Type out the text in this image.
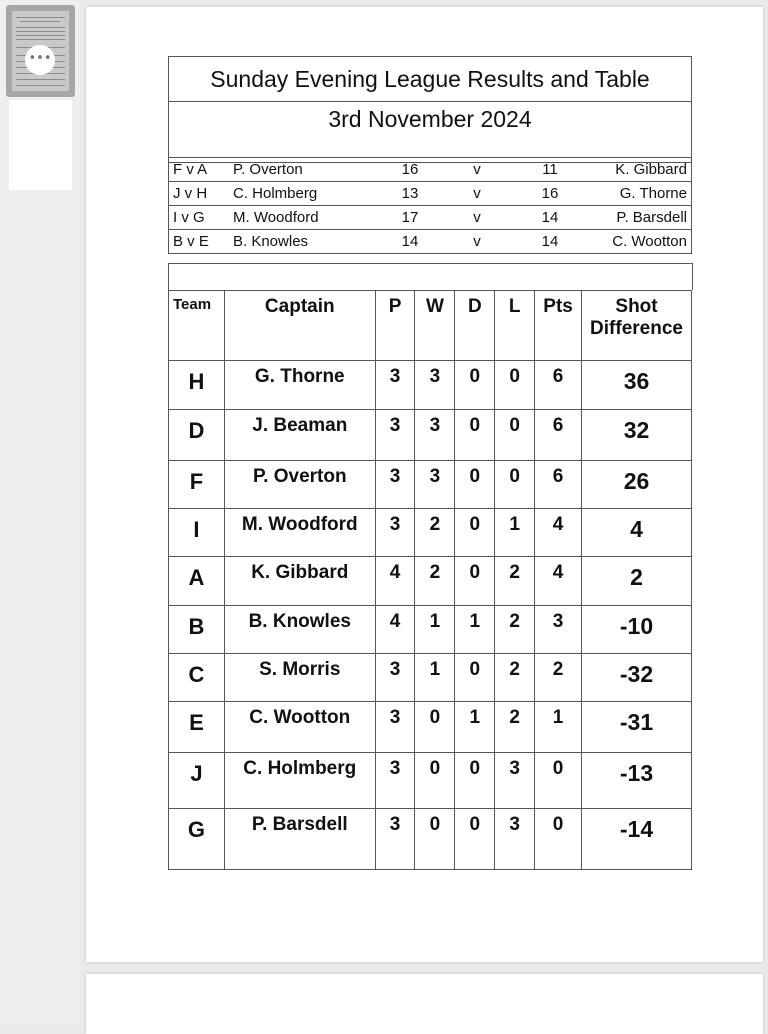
•••
Sunday Evening League Results and Table
3rd November 2024
F v A	P. Overton	16	v	11	K. Gibbard
J v H	C. Holmberg	13	v	16	G. Thorne
I v G	M. Woodford	17	v	14	P. Barsdell
B v E	B. Knowles	14	v	14	C. Wootton
Team	Captain	P	W	D	L	Pts	Shot
Difference
H	G. Thorne	3	3	0	0	6	36
D	J. Beaman	3	3	0	0	6	32
F	P. Overton	3	3	0	0	6	26
I	M. Woodford	3	2	0	1	4	4
A	K. Gibbard	4	2	0	2	4	2
B	B. Knowles	4	1	1	2	3	-10
C	S. Morris	3	1	0	2	2	-32
E	C. Wootton	3	0	1	2	1	-31
J	C. Holmberg	3	0	0	3	0	-13
G	P. Barsdell	3	0	0	3	0	-14
